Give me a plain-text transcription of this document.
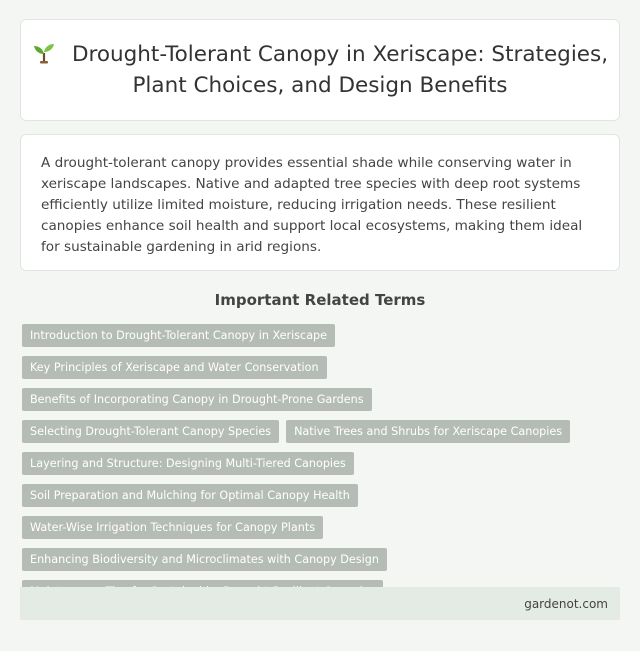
Drought-Tolerant Canopy in Xeriscape: Strategies, Plant Choices, and Design Benefits

A drought-tolerant canopy provides essential shade while conserving water in xeriscape landscapes. Native and adapted tree species with deep root systems efficiently utilize limited moisture, reducing irrigation needs. These resilient canopies enhance soil health and support local ecosystems, making them ideal for sustainable gardening in arid regions.

Important Related Terms
Introduction to Drought-Tolerant Canopy in Xeriscape
Key Principles of Xeriscape and Water Conservation
Benefits of Incorporating Canopy in Drought-Prone Gardens
Selecting Drought-Tolerant Canopy Species	Native Trees and Shrubs for Xeriscape Canopies
Layering and Structure: Designing Multi-Tiered Canopies
Soil Preparation and Mulching for Optimal Canopy Health
Water-Wise Irrigation Techniques for Canopy Plants
Enhancing Biodiversity and Microclimates with Canopy Design
gardenot.com
